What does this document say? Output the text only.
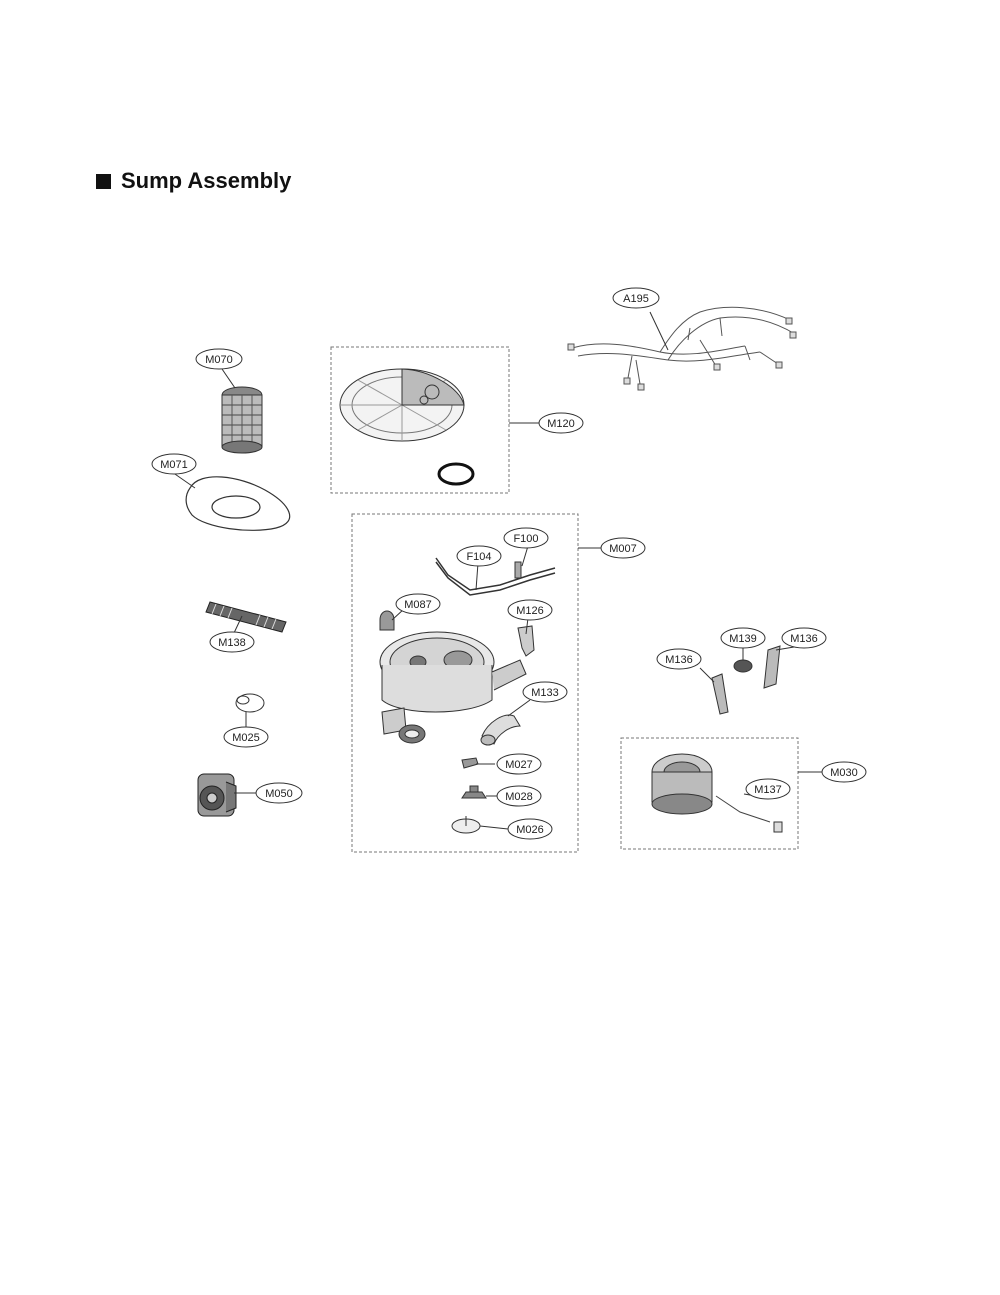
Sump Assembly
A195
M070
M120
M071
M007
F100
F104
M087	M126
M138	M139	M136
M136
M133
M025
M027
M030
M050	M028
M137
M026
